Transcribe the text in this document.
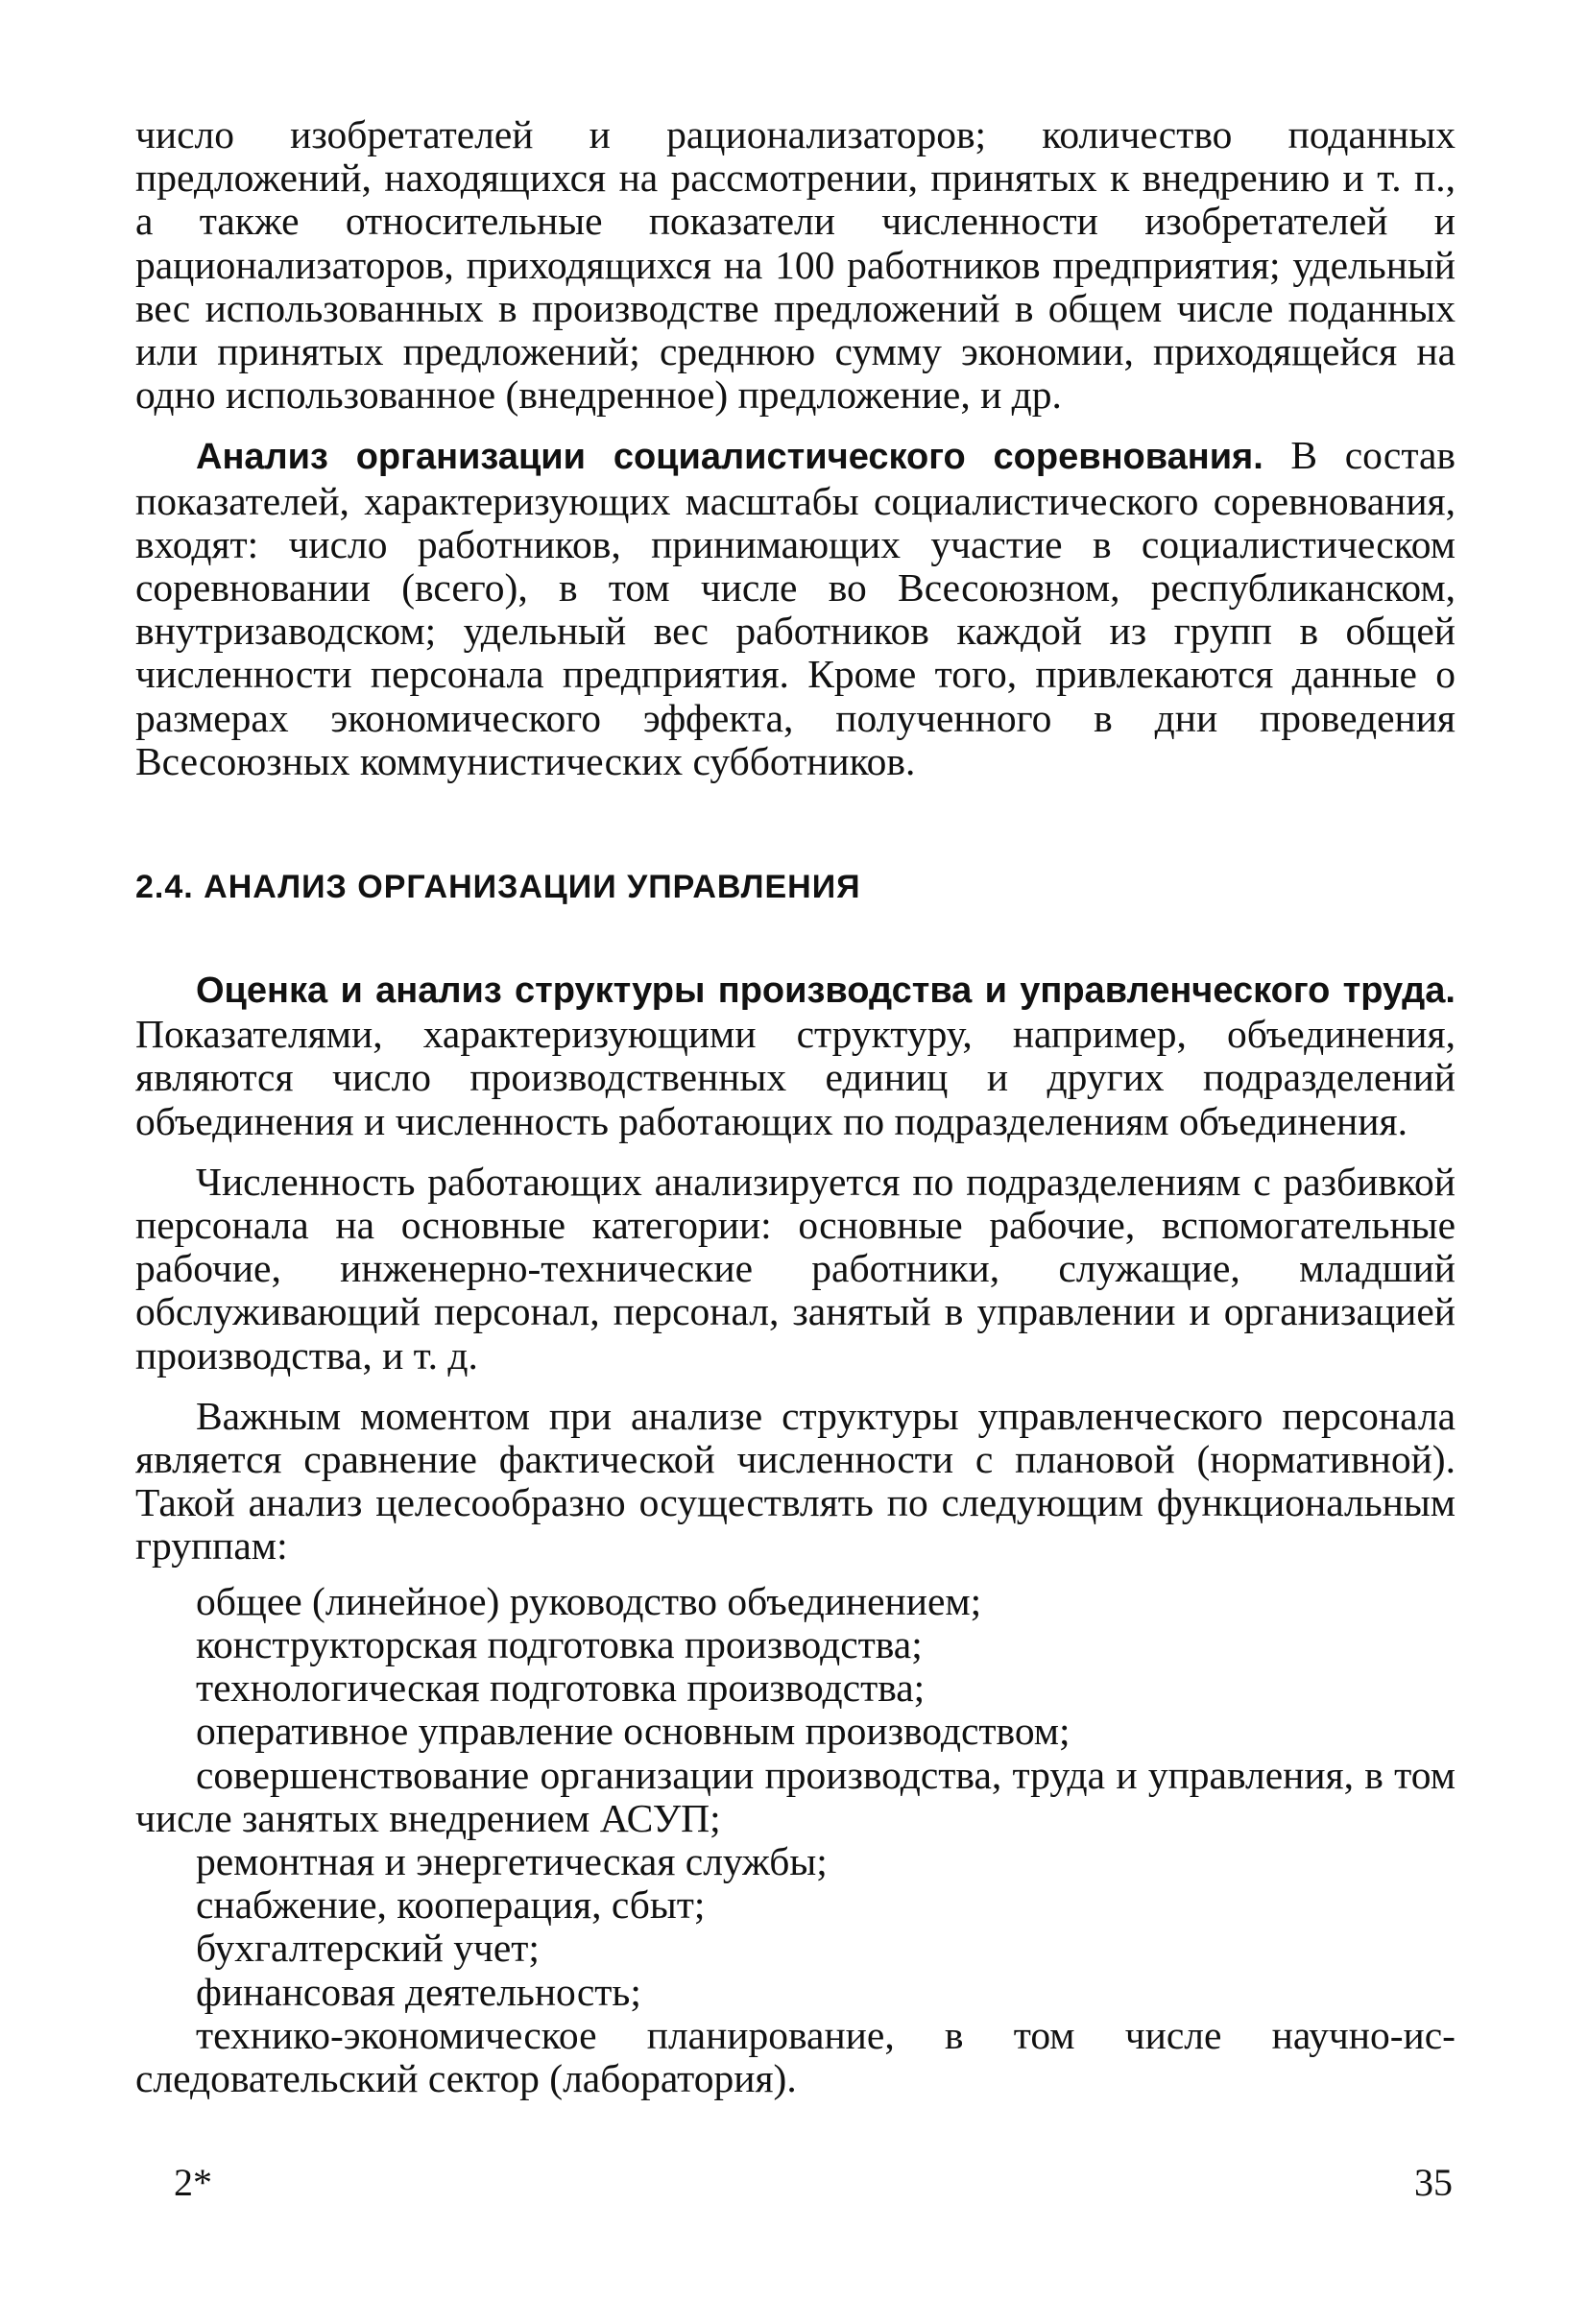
число изобретателей и рационализаторов; количество поданных предложений, находящихся на рассмотрении, принятых к внедрению и т. п., а также относительные показатели численности изобретателей и рационализаторов, приходящихся на 100 работников предприятия; удельный вес использованных в производстве предложений в общем числе поданных или принятых предложений; среднюю сумму экономии, приходящейся на одно использованное (внедренное) предложение, и др.

Анализ организации социалистического соревнования. В состав показателей, характеризующих масштабы социалистического соревнования, входят: число работников, принимающих участие в социалистическом соревновании (всего), в том числе во Всесоюзном, республиканском, внутризаводском; удельный вес работников каждой из групп в общей численности персонала предприятия. Кроме того, привлекаются данные о размерах экономического эффекта, полученного в дни проведения Всесоюзных коммунистических субботников.

2.4. АНАЛИЗ ОРГАНИЗАЦИИ УПРАВЛЕНИЯ

Оценка и анализ структуры производства и управленческого труда. Показателями, характеризующими структуру, например, объединения, являются число производственных единиц и других подразделений объединения и численность работающих по подразделениям объединения.

Численность работающих анализируется по подразделениям с разбивкой персонала на основные категории: основные рабочие, вспомогательные рабочие, инженерно-технические работники, служащие, младший обслуживающий персонал, персонал, занятый в управлении и организацией производства, и т. д.

Важным моментом при анализе структуры управленческого персонала является сравнение фактической численности с плановой (нормативной). Такой анализ целесообразно осуществлять по следующим функциональным группам:

общее (линейное) руководство объединением;

конструкторская подготовка производства;

технологическая подготовка производства;

оперативное управление основным производством;

совершенствование организации производства, труда и управления, в том числе занятых внедрением АСУП;

ремонтная и энергетическая службы;

снабжение, кооперация, сбыт;

бухгалтерский учет;

финансовая деятельность;

технико-экономическое планирование, в том числе научно-исследовательский сектор (лаборатория).

2*	35
